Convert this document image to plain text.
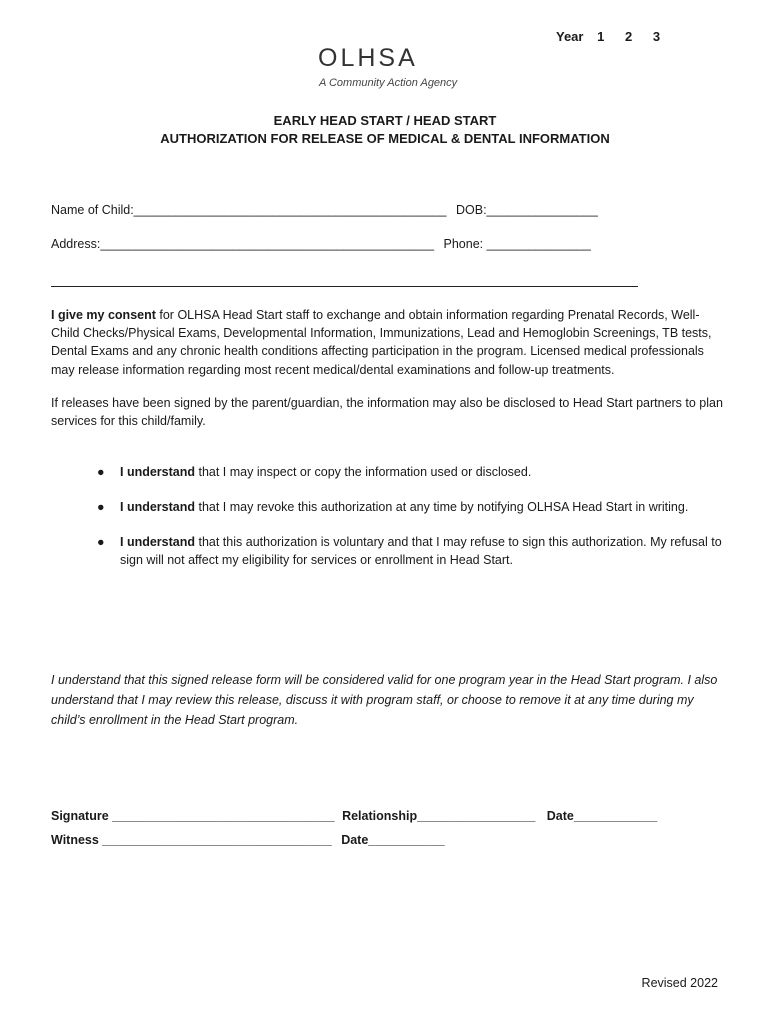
Year 1 2 3
OLHSA
A Community Action Agency
EARLY HEAD START / HEAD START
AUTHORIZATION FOR RELEASE OF MEDICAL & DENTAL INFORMATION
Name of Child:_____________________________________________ DOB:________________
Address:________________________________________________ Phone: _______________
I give my consent for OLHSA Head Start staff to exchange and obtain information regarding Prenatal Records, Well-Child Checks/Physical Exams, Developmental Information, Immunizations, Lead and Hemoglobin Screenings, TB tests, Dental Exams and any chronic health conditions affecting participation in the program. Licensed medical professionals may release information regarding most recent medical/dental examinations and follow-up treatments.
If releases have been signed by the parent/guardian, the information may also be disclosed to Head Start partners to plan services for this child/family.
● I understand that I may inspect or copy the information used or disclosed.
● I understand that I may revoke this authorization at any time by notifying OLHSA Head Start in writing.
● I understand that this authorization is voluntary and that I may refuse to sign this authorization. My refusal to sign will not affect my eligibility for services or enrollment in Head Start.
I understand that this signed release form will be considered valid for one program year in the Head Start program. I also understand that I may review this release, discuss it with program staff, or choose to remove it at any time during my child’s enrollment in the Head Start program.
Signature ________________________________ Relationship_________________ Date____________
Witness _________________________________ Date___________
Revised 2022
